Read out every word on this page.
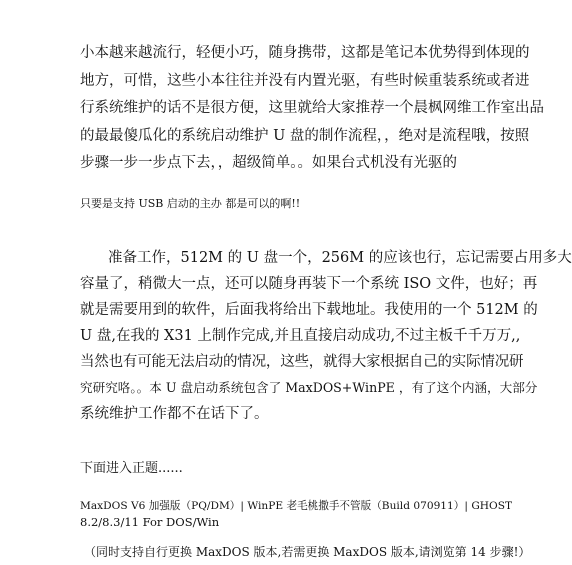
小本越来越流行，轻便小巧，随身携带，这都是笔记本优势得到体现的
地方，可惜，这些小本往往并没有内置光驱，有些时候重装系统或者进
行系统维护的话不是很方便，这里就给大家推荐一个晨枫网维工作室出品
的最最傻瓜化的系统启动维护 U 盘的制作流程，，绝对是流程哦，按照
步骤一步一步点下去，，超级简单。。如果台式机没有光驱的
只要是支持 USB 启动的主办 都是可以的啊!!
准备工作，512M 的 U 盘一个，256M 的应该也行，忘记需要占用多大
容量了，稍微大一点，还可以随身再装下一个系统 ISO 文件，也好；再
就是需要用到的软件，后面我将给出下载地址。我使用的一个 512M 的
U 盘,在我的 X31 上制作完成,并且直接启动成功,不过主板千千万万,,
当然也有可能无法启动的情况，这些，就得大家根据自己的实际情况研
究研究咯。。本 U 盘启动系统包含了 MaxDOS+WinPE ，有了这个内涵，大部分
系统维护工作都不在话下了。
下面进入正题......
MaxDOS V6 加强版（PQ/DM）| WinPE 老毛桃撒手不管版（Build 070911）| GHOST
8.2/8.3/11 For DOS/Win
（同时支持自行更换 MaxDOS 版本,若需更换 MaxDOS 版本,请浏览第 14 步骤!）
